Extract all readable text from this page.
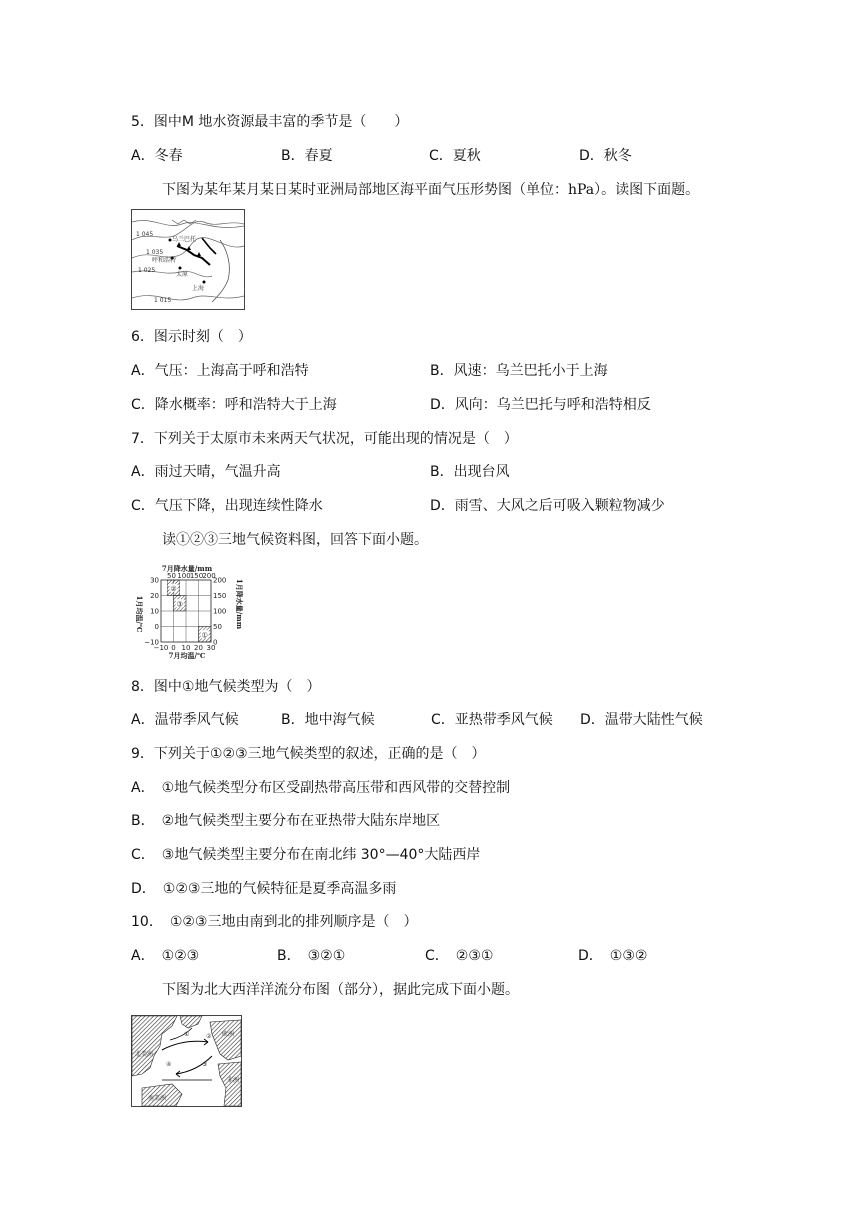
5．图中M 地水资源最丰富的季节是（　　）
A．冬春	B．春夏	C．夏秋	D．秋冬
下图为某年某月某日某时亚洲局部地区海平面气压形势图（单位：hPa）。读图下面题。
1 045
1 035
1 025
1 015
乌兰巴托
呼和浩特
太原
上海
6．图示时刻（　）
A．气压：上海高于呼和浩特	B．风速：乌兰巴托小于上海
C．降水概率：呼和浩特大于上海	D．风向：乌兰巴托与呼和浩特相反
7．下列关于太原市未来两天气状况，可能出现的情况是（　）
A．雨过天晴，气温升高	B．出现台风
C．气压下降，出现连续性降水	D．雨雪、大风之后可吸入颗粒物减少
读①②③三地气候资料图，回答下面小题。
7月降水量/mm
1月均温/℃	1月降水量/mm
7月均温/℃
30
20
10
0
−10
−10 0 10 20 30
50 100 150 200
200
150
100
50
0
①
②
③
8．图中①地气候类型为（　）
A．温带季风气候	B．地中海气候	C．亚热带季风气候 D．温带大陆性气候
9．下列关于①②③三地气候类型的叙述，正确的是（　）
A．　①地气候类型分布区受副热带高压带和西风带的交替控制
B．　②地气候类型主要分布在亚热带大陆东岸地区
C．　③地气候类型主要分布在南北纬 30°—40°大陆西岸
D．　①②③三地的气候特征是夏季高温多雨
10．　①②③三地由南到北的排列顺序是（　）
A．　①②③	B．　③②①	C．　②③①	D．　①③②
下图为北大西洋洋流分布图（部分），据此完成下面小题。
北美洲
欧洲
非洲
南美洲
①	②
③
④
